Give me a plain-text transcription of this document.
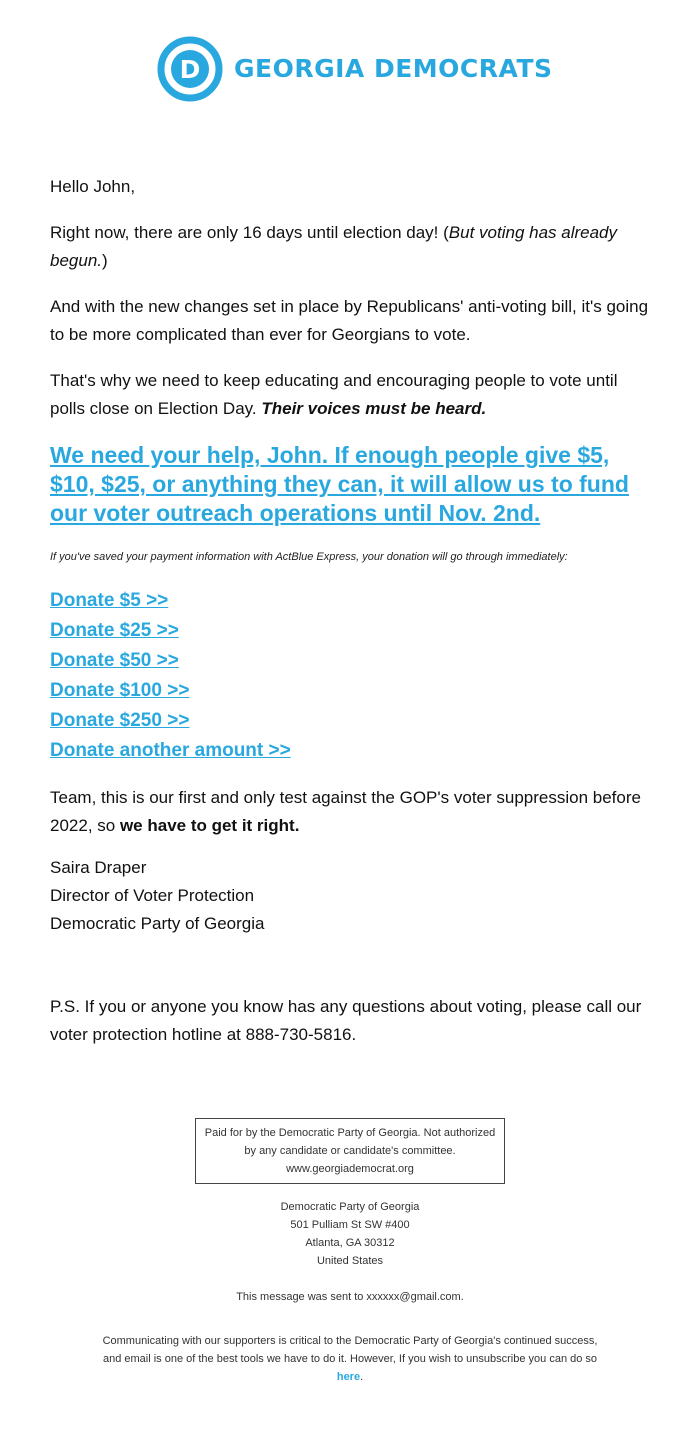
D GEORGIA DEMOCRATS

Hello John,

Right now, there are only 16 days until election day! (But voting has already begun.)

And with the new changes set in place by Republicans' anti-voting bill, it's going to be more complicated than ever for Georgians to vote.

That's why we need to keep educating and encouraging people to vote until polls close on Election Day. Their voices must be heard.

We need your help, John. If enough people give $5, $10, $25, or anything they can, it will allow us to fund our voter outreach operations until Nov. 2nd.
If you've saved your payment information with ActBlue Express, your donation will go through immediately:
Donate $5 >>
Donate $25 >>
Donate $50 >>
Donate $100 >>
Donate $250 >>
Donate another amount >>

Team, this is our first and only test against the GOP's voter suppression before 2022, so we have to get it right.

Saira Draper

Director of Voter Protection

Democratic Party of Georgia

P.S. If you or anyone you know has any questions about voting, please call our voter protection hotline at 888-730-5816.

Paid for by the Democratic Party of Georgia. Not authorized by any candidate or candidate's committee.
www.georgiademocrat.org
Democratic Party of Georgia
501 Pulliam St SW #400
Atlanta, GA 30312
United States
This message was sent to xxxxxx@gmail.com.
Communicating with our supporters is critical to the Democratic Party of Georgia's continued success, and email is one of the best tools we have to do it. However, If you wish to unsubscribe you can do so here.
